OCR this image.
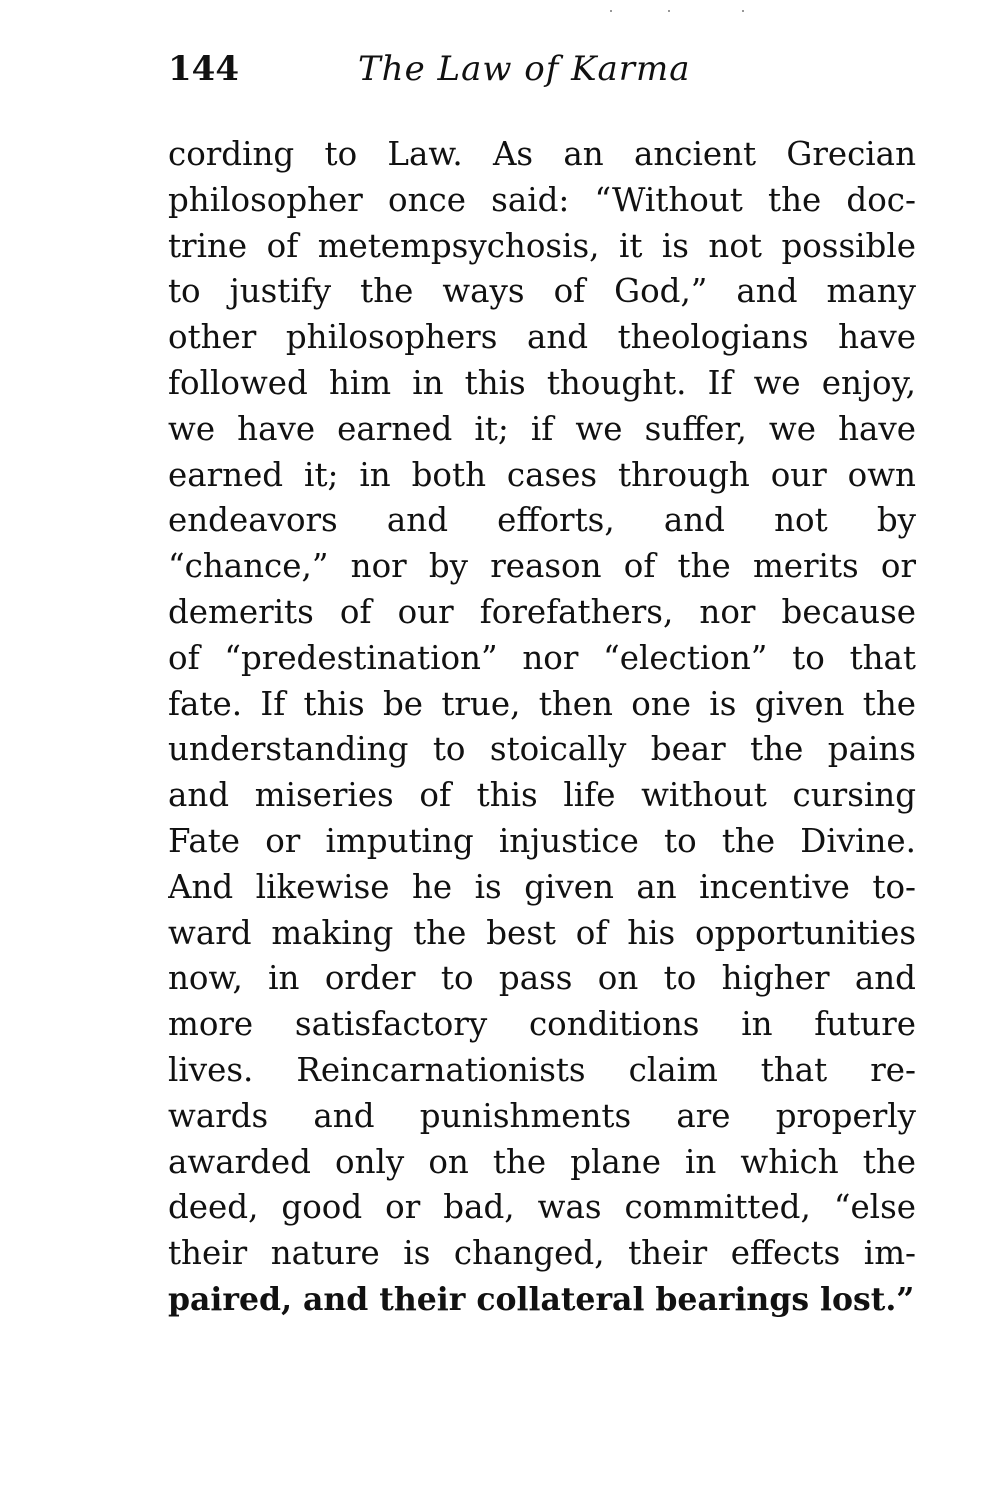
144	The Law of Karma
cording to Law. As an ancient Grecian
philosopher once said: “Without the doc-
trine of metempsychosis, it is not possible
to justify the ways of God,” and many
other philosophers and theologians have
followed him in this thought. If we enjoy,
we have earned it; if we suffer, we have
earned it; in both cases through our own
endeavors and efforts, and not by
“chance,” nor by reason of the merits or
demerits of our forefathers, nor because
of “predestination” nor “election” to that
fate. If this be true, then one is given the
understanding to stoically bear the pains
and miseries of this life without cursing
Fate or imputing injustice to the Divine.
And likewise he is given an incentive to-
ward making the best of his opportunities
now, in order to pass on to higher and
more satisfactory conditions in future
lives. Reincarnationists claim that re-
wards and punishments are properly
awarded only on the plane in which the
deed, good or bad, was committed, “else
their nature is changed, their effects im-
paired, and their collateral bearings lost.”
